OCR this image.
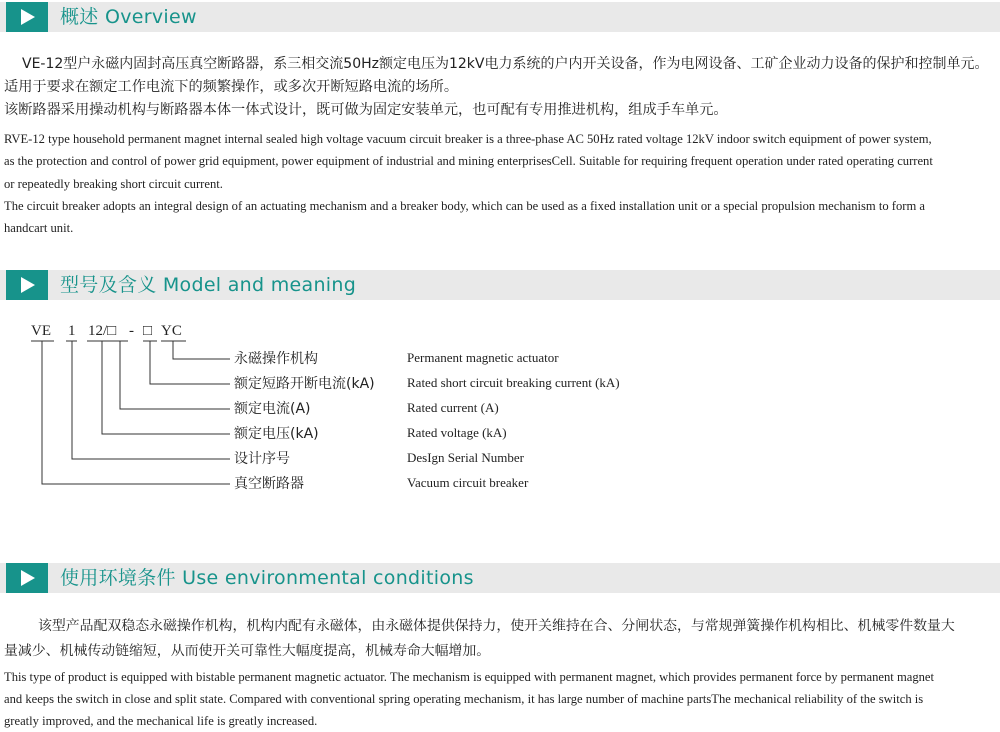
概述 Overview
VE-12型户永磁内固封高压真空断路器，系三相交流50Hz额定电压为12kV电力系统的户内开关设备，作为电网设备、工矿企业动力设备的保护和控制单元。
适用于要求在额定工作电流下的频繁操作，或多次开断短路电流的场所。
该断路器采用操动机构与断路器本体一体式设计，既可做为固定安装单元，也可配有专用推进机构，组成手车单元。
RVE-12 type household permanent magnet internal sealed high voltage vacuum circuit breaker is a three-phase AC 50Hz rated voltage 12kV indoor switch equipment of power system,
as the protection and control of power grid equipment, power equipment of industrial and mining enterprisesCell. Suitable for requiring frequent operation under rated operating current
or repeatedly breaking short circuit current.
The circuit breaker adopts an integral design of an actuating mechanism and a breaker body, which can be used as a fixed installation unit or a special propulsion mechanism to form a
handcart unit.
型号及含义 Model and meaning
VE 1 12/□ - □ YC
永磁操作机构	Permanent magnetic actuator
额定短路开断电流(kA) Rated short circuit breaking current (kA)
额定电流(A)	Rated current (A)
额定电压(kA)	Rated voltage (kA)
设计序号	DesIgn Serial Number
真空断路器	Vacuum circuit breaker
使用环境条件 Use environmental conditions
该型产品配双稳态永磁操作机构，机构内配有永磁体，由永磁体提供保持力，使开关维持在合、分闸状态，与常规弹簧操作机构相比、机械零件数量大
量减少、机械传动链缩短，从而使开关可靠性大幅度提高，机械寿命大幅增加。
This type of product is equipped with bistable permanent magnetic actuator. The mechanism is equipped with permanent magnet, which provides permanent force by permanent magnet
and keeps the switch in close and split state. Compared with conventional spring operating mechanism, it has large number of machine partsThe mechanical reliability of the switch is
greatly improved, and the mechanical life is greatly increased.
